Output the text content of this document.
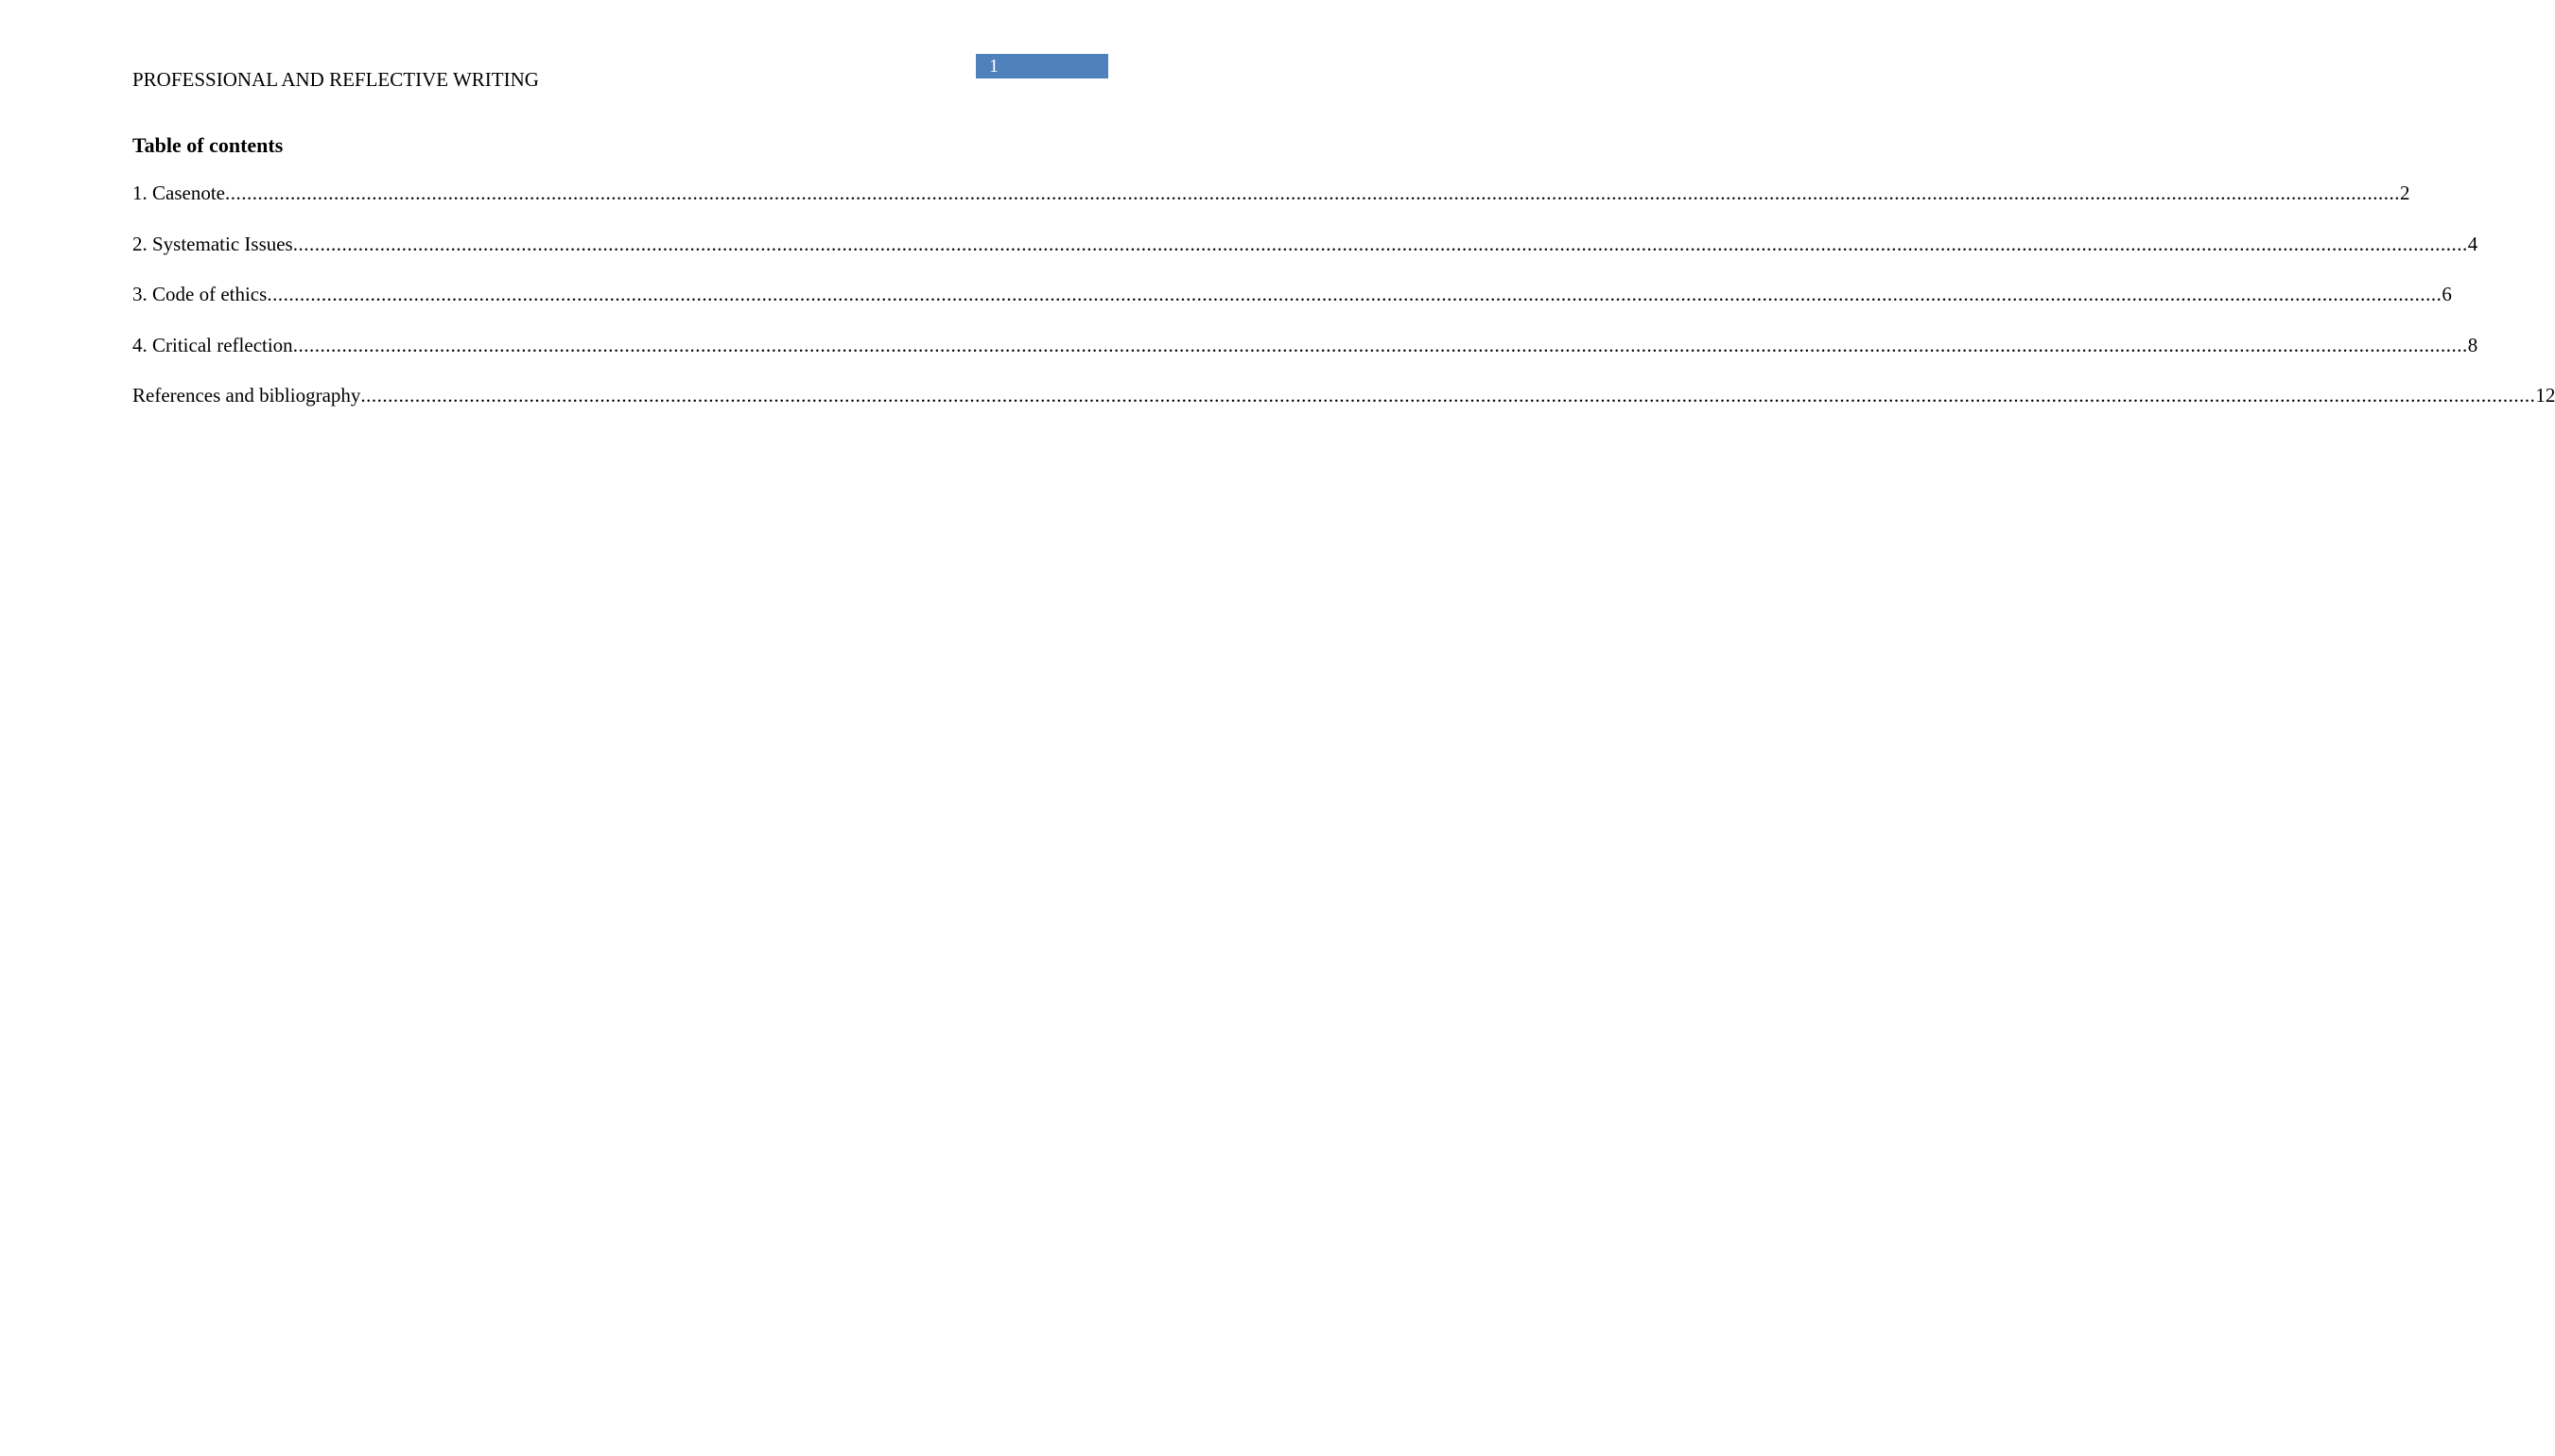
1
PROFESSIONAL AND REFLECTIVE WRITING
Table of contents
1. Casenote ................................................................................................................................................................................................................................................................................................................................................................................................................ 2
2. Systematic Issues ................................................................................................................................................................................................................................................................................................................................................................................................................ 4
3. Code of ethics ................................................................................................................................................................................................................................................................................................................................................................................................................ 6
4. Critical reflection ................................................................................................................................................................................................................................................................................................................................................................................................................ 8
References and bibliography ................................................................................................................................................................................................................................................................................................................................................................................................................ 12
